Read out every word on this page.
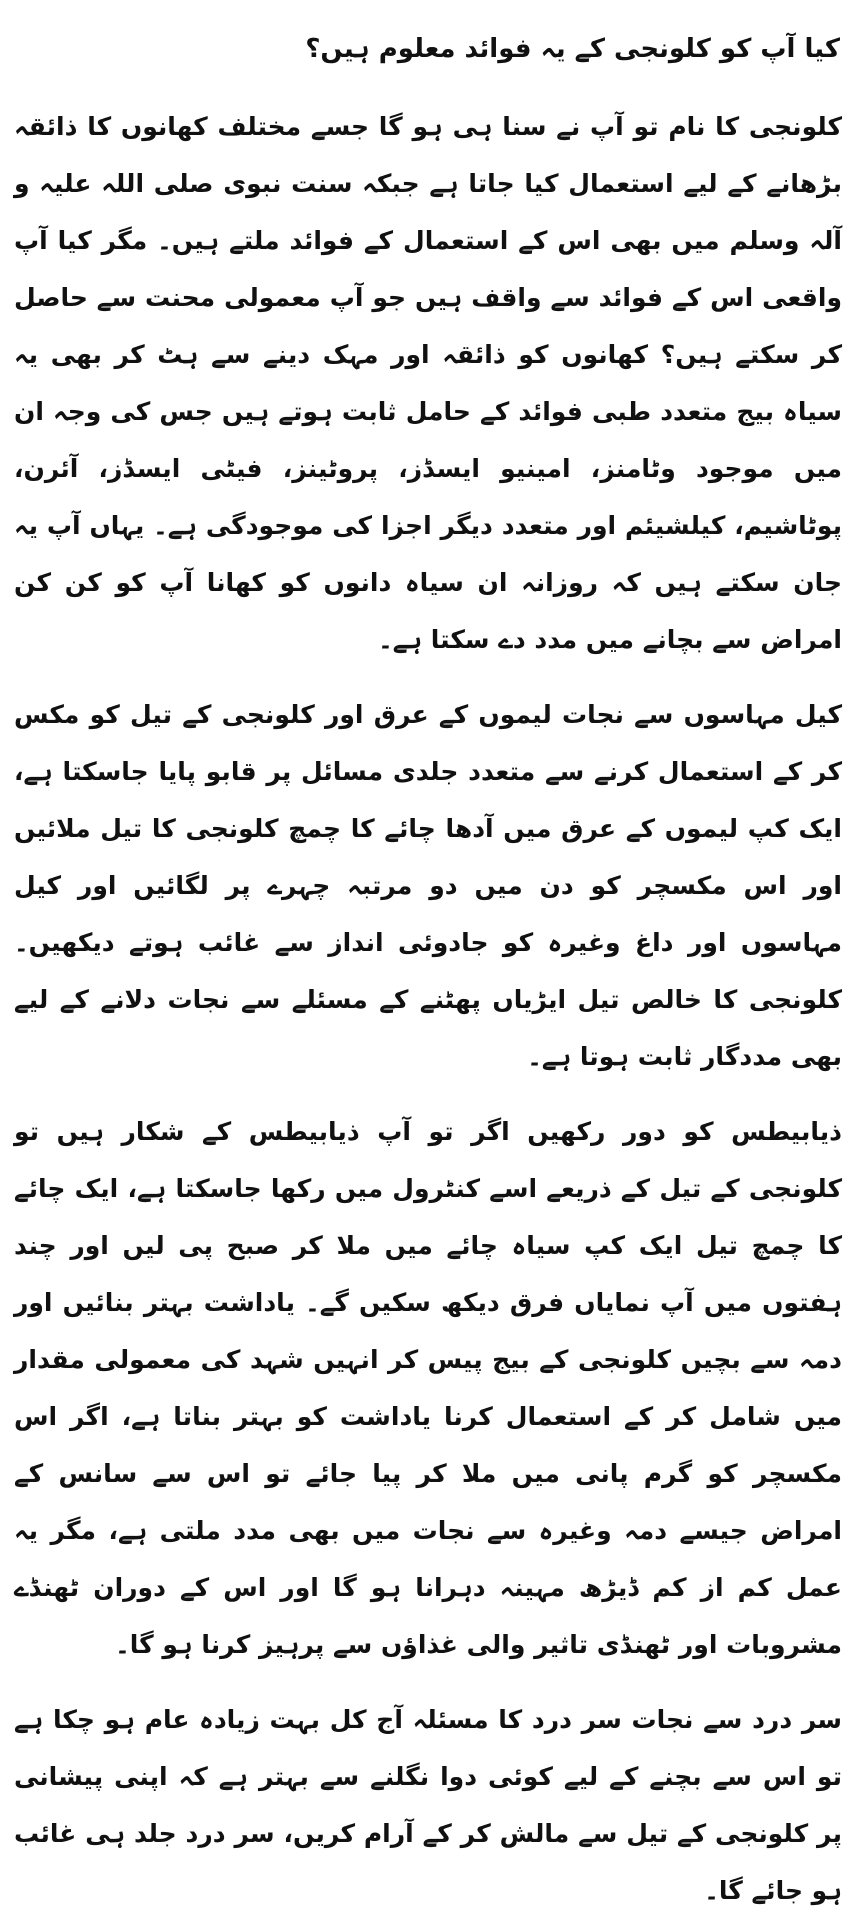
کیا آپ کو کلونجی کے یہ فوائد معلوم ہیں؟

کلونجی کا نام تو آپ نے سنا ہی ہو گا جسے مختلف کھانوں کا ذائقہ بڑھانے کے لیے استعمال کیا جاتا ہے جبکہ سنت نبوی صلی اللہ علیہ و آلہ وسلم میں بھی اس کے استعمال کے فوائد ملتے ہیں۔ مگر کیا آپ واقعی اس کے فوائد سے واقف ہیں جو آپ معمولی محنت سے حاصل کر سکتے ہیں؟ کھانوں کو ذائقہ اور مہک دینے سے ہٹ کر بھی یہ سیاہ بیج متعدد طبی فوائد کے حامل ثابت ہوتے ہیں جس کی وجہ ان میں موجود وٹامنز، امینیو ایسڈز، پروٹینز، فیٹی ایسڈز، آئرن، پوٹاشیم، کیلشیئم اور متعدد دیگر اجزا کی موجودگی ہے۔ یہاں آپ یہ جان سکتے ہیں کہ روزانہ ان سیاہ دانوں کو کھانا آپ کو کن کن امراض سے بچانے میں مدد دے سکتا ہے۔

کیل مہاسوں سے نجات لیموں کے عرق اور کلونجی کے تیل کو مکس کر کے استعمال کرنے سے متعدد جلدی مسائل پر قابو پایا جاسکتا ہے، ایک کپ لیموں کے عرق میں آدھا چائے کا چمچ کلونجی کا تیل ملائیں اور اس مکسچر کو دن میں دو مرتبہ چہرے پر لگائیں اور کیل مہاسوں اور داغ وغیرہ کو جادوئی انداز سے غائب ہوتے دیکھیں۔ کلونجی کا خالص تیل ایڑیاں پھٹنے کے مسئلے سے نجات دلانے کے لیے بھی مددگار ثابت ہوتا ہے۔

ذیابیطس کو دور رکھیں اگر تو آپ ذیابیطس کے شکار ہیں تو کلونجی کے تیل کے ذریعے اسے کنٹرول میں رکھا جاسکتا ہے، ایک چائے کا چمچ تیل ایک کپ سیاہ چائے میں ملا کر صبح پی لیں اور چند ہفتوں میں آپ نمایاں فرق دیکھ سکیں گے۔ یاداشت بہتر بنائیں اور دمہ سے بچیں کلونجی کے بیج پیس کر انہیں شہد کی معمولی مقدار میں شامل کر کے استعمال کرنا یاداشت کو بہتر بناتا ہے، اگر اس مکسچر کو گرم پانی میں ملا کر پیا جائے تو اس سے سانس کے امراض جیسے دمہ وغیرہ سے نجات میں بھی مدد ملتی ہے، مگر یہ عمل کم از کم ڈیڑھ مہینہ دہرانا ہو گا اور اس کے دوران ٹھنڈے مشروبات اور ٹھنڈی تاثیر والی غذاؤں سے پرہیز کرنا ہو گا۔

سر درد سے نجات سر درد کا مسئلہ آج کل بہت زیادہ عام ہو چکا ہے تو اس سے بچنے کے لیے کوئی دوا نگلنے سے بہتر ہے کہ اپنی پیشانی پر کلونجی کے تیل سے مالش کر کے آرام کریں، سر درد جلد ہی غائب ہو جائے گا۔
